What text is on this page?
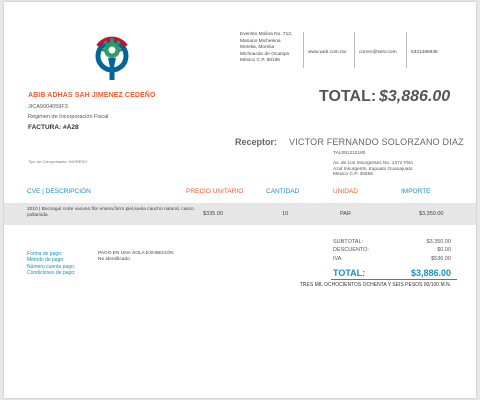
ABIB ADHAS SAH JIMENEZ CEDEÑO
JICA9004059F3
Régimen de Incorporación Fiscal
FACTURA: #A28
Everisto Molina No. 712,
Mariano Michelena
Morelia, Morelia
Michoacán de Ocampo
México C.P. 58195
www.web.com.mx	correo@serv.com	5321486936
TOTAL: $3,886.00
Receptor: VICTOR FERNANDO SOLORZANO DIAZ
TAL091210180
Av. de Los Insurgentes No. 1372 Piso
Azul Insurgents, Irapuato Guanajuato
México C.P. 36555
Tipo de Comprobante: INGRESO
CVE | DESCRIPCIÓN	PRECIO UNITARIO	CANTIDAD	UNIDAD	IMPORTE
2010 | Boccegul corte vacuno flor entera,forro piel,suela caucho natural, casco pollamida	$335.00	10	PAR	$3,350.00
Forma de pago:
Método de pago:
Número cuenta pago:
Condiciones de pago:
PAGO EN UNA SOLA EXHIBICIÓN
No identificado
SUBTOTAL:	$3,350.00
DESCUENTO:	$0.00
IVA	$536.00
TOTAL:	$3,886.00
TRES MIL OCHOCIENTOS OCHENTA Y SEIS PESOS 00/100 M.N.
